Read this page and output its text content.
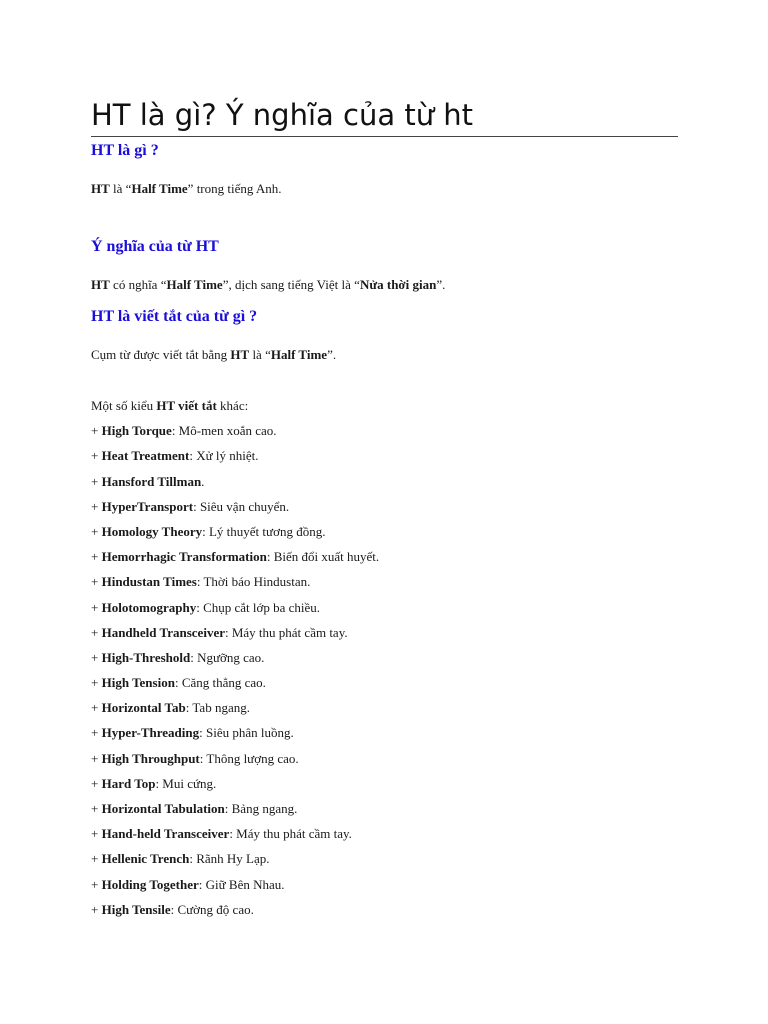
HT là gì? Ý nghĩa của từ ht
HT là gì ?

HT là “Half Time” trong tiếng Anh.

Ý nghĩa của từ HT

HT có nghĩa “Half Time”, dịch sang tiếng Việt là “Nửa thời gian”.

HT là viết tắt của từ gì ?

Cụm từ được viết tắt bằng HT là “Half Time”.

Một số kiểu HT viết tắt khác:

+ High Torque: Mô-men xoắn cao.

+ Heat Treatment: Xử lý nhiệt.

+ Hansford Tillman.

+ HyperTransport: Siêu vận chuyển.

+ Homology Theory: Lý thuyết tương đồng.

+ Hemorrhagic Transformation: Biến đổi xuất huyết.

+ Hindustan Times: Thời báo Hindustan.

+ Holotomography: Chụp cắt lớp ba chiều.

+ Handheld Transceiver: Máy thu phát cầm tay.

+ High-Threshold: Ngưỡng cao.

+ High Tension: Căng thẳng cao.

+ Horizontal Tab: Tab ngang.

+ Hyper-Threading: Siêu phân luồng.

+ High Throughput: Thông lượng cao.

+ Hard Top: Mui cứng.

+ Horizontal Tabulation: Bảng ngang.

+ Hand-held Transceiver: Máy thu phát cầm tay.

+ Hellenic Trench: Rãnh Hy Lạp.

+ Holding Together: Giữ Bên Nhau.

+ High Tensile: Cường độ cao.
